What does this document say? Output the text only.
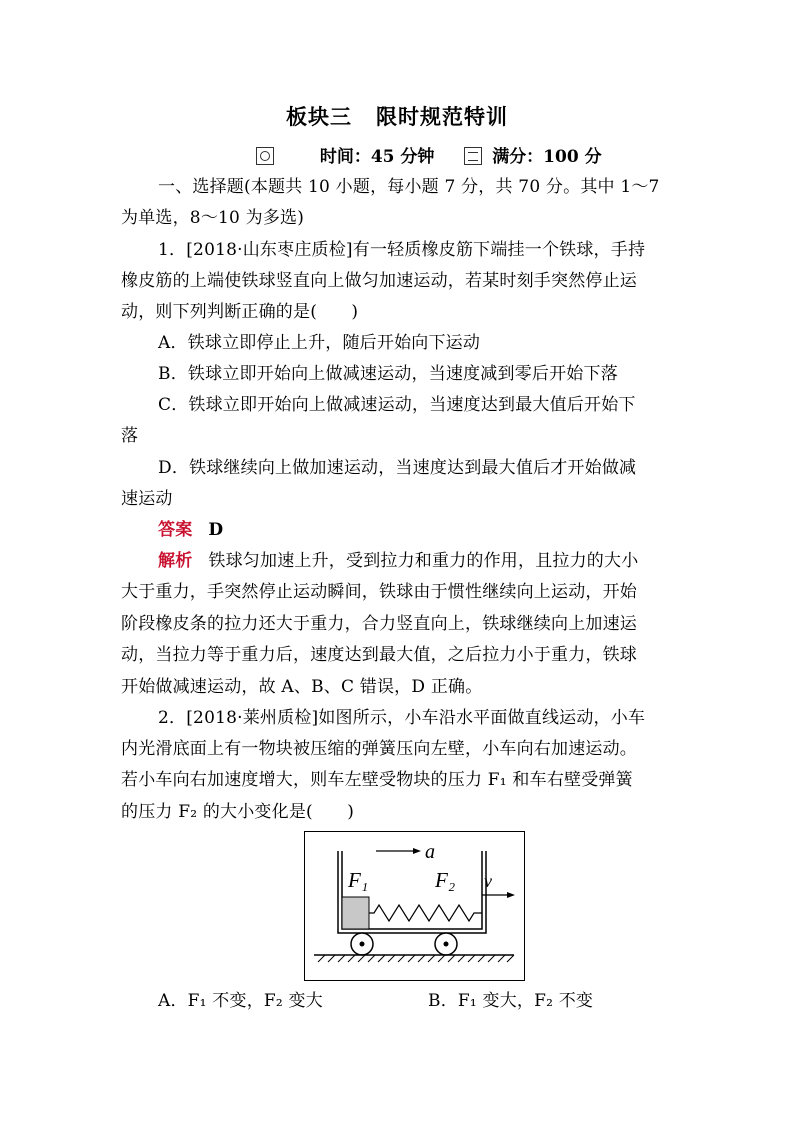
板块三 限时规范特训
时间：45 分钟	满分：100 分
一、选择题(本题共 10 小题，每小题 7 分，共 70 分。其中 1～7
为单选，8～10 为多选)
1．[2018·山东枣庄质检]有一轻质橡皮筋下端挂一个铁球，手持
橡皮筋的上端使铁球竖直向上做匀加速运动，若某时刻手突然停止运
动，则下列判断正确的是(　　)
A．铁球立即停止上升，随后开始向下运动
B．铁球立即开始向上做减速运动，当速度减到零后开始下落
C．铁球立即开始向上做减速运动，当速度达到最大值后开始下
落
D．铁球继续向上做加速运动，当速度达到最大值后才开始做减
速运动
答案 D
解析 铁球匀加速上升，受到拉力和重力的作用，且拉力的大小
大于重力，手突然停止运动瞬间，铁球由于惯性继续向上运动，开始
阶段橡皮条的拉力还大于重力，合力竖直向上，铁球继续向上加速运
动，当拉力等于重力后，速度达到最大值，之后拉力小于重力，铁球
开始做减速运动，故 A、B、C 错误，D 正确。
2．[2018·莱州质检]如图所示，小车沿水平面做直线运动，小车
内光滑底面上有一物块被压缩的弹簧压向左壁，小车向右加速运动。
若小车向右加速度增大，则车左壁受物块的压力 F₁ 和车右壁受弹簧
的压力 F₂ 的大小变化是(　　)
a
F₁	F₂ v
A．F₁ 不变，F₂ 变大	B．F₁ 变大，F₂ 不变
